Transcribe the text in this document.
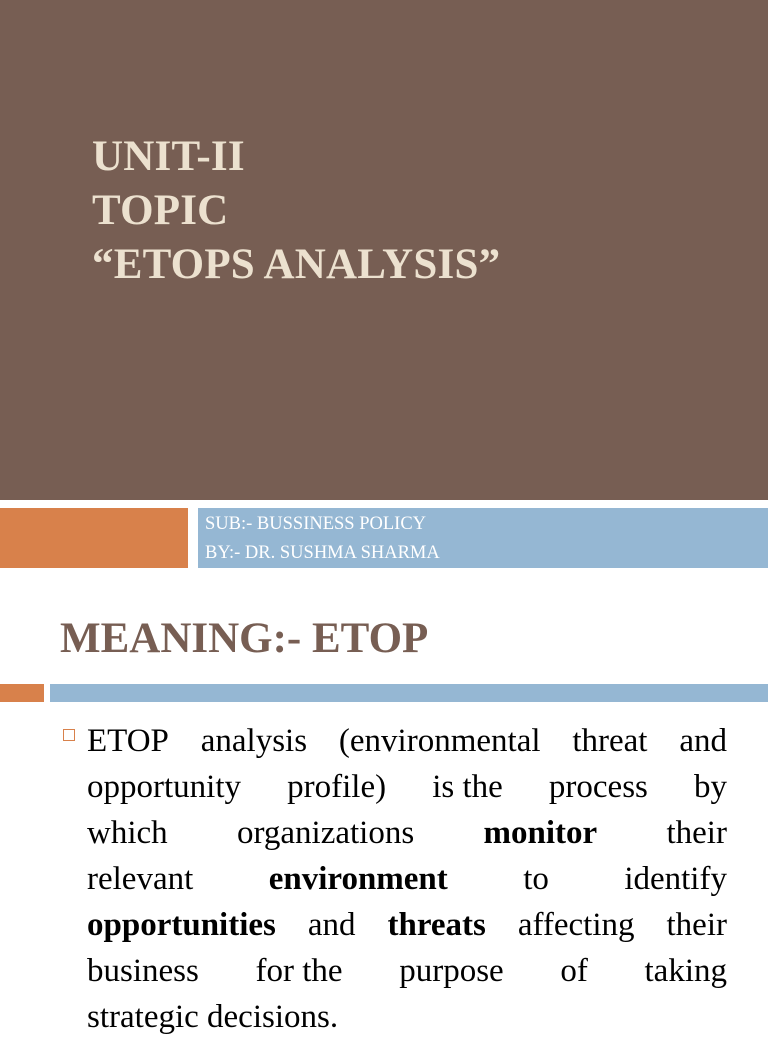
UNIT-II
TOPIC
“ETOPS ANALYSIS”
SUB:- BUSSINESS POLICY
BY:- DR. SUSHMA SHARMA
MEANING:- ETOP
ETOP analysis (environmental threat and
opportunity profile) is the process by
which organizations monitor their
relevant environment to identify
opportunities and threats affecting their
business for the purpose of taking
strategic decisions.
